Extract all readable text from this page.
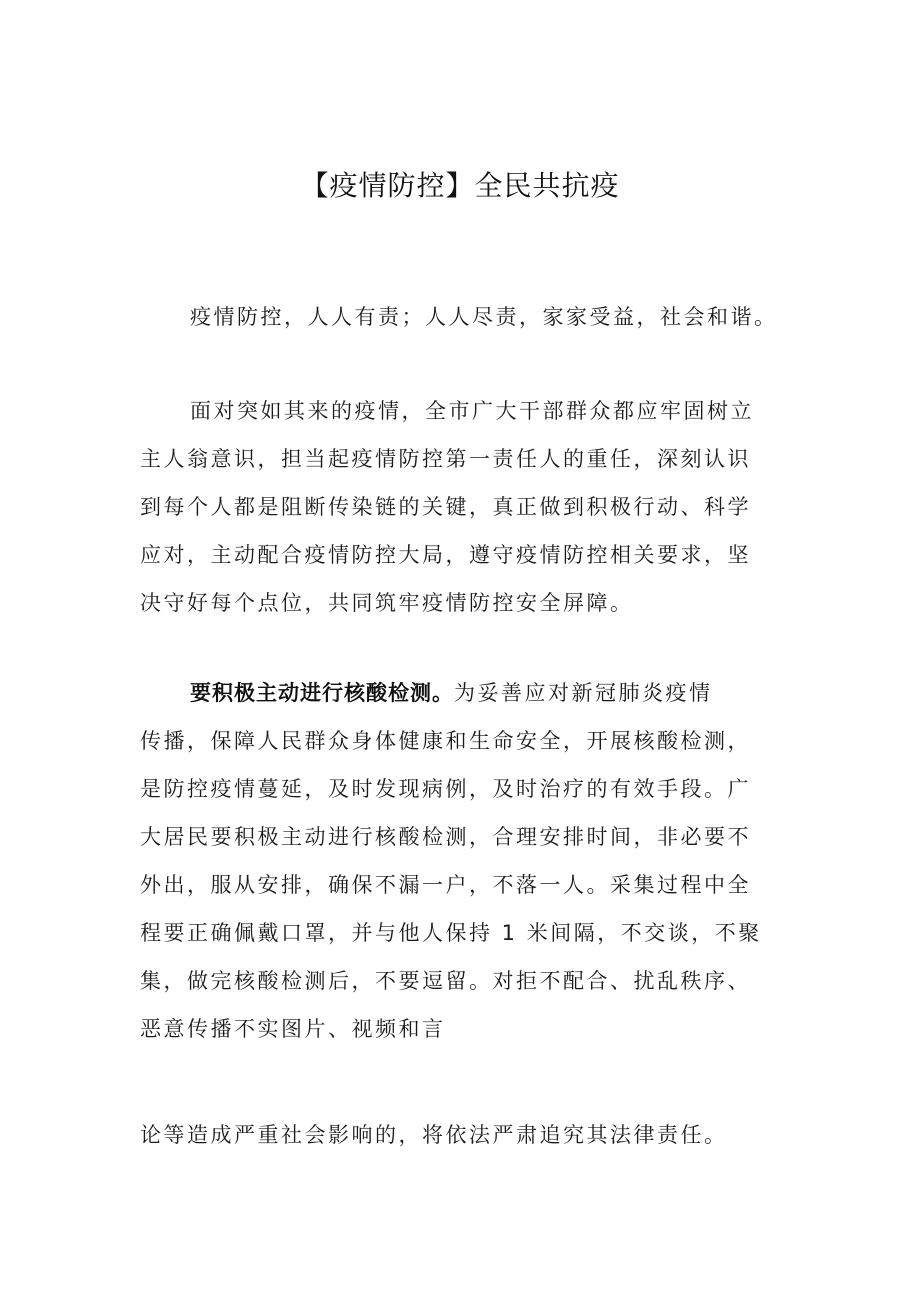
【疫情防控】全民共抗疫
疫情防控，人人有责；人人尽责，家家受益，社会和谐。
面对突如其来的疫情，全市广大干部群众都应牢固树立
主人翁意识，担当起疫情防控第一责任人的重任，深刻认识
到每个人都是阻断传染链的关键，真正做到积极行动、科学
应对，主动配合疫情防控大局，遵守疫情防控相关要求，坚
决守好每个点位，共同筑牢疫情防控安全屏障。
要积极主动进行核酸检测。为妥善应对新冠肺炎疫情
传播，保障人民群众身体健康和生命安全，开展核酸检测，
是防控疫情蔓延，及时发现病例，及时治疗的有效手段。广
大居民要积极主动进行核酸检测，合理安排时间，非必要不
外出，服从安排，确保不漏一户，不落一人。采集过程中全
程要正确佩戴口罩，并与他人保持 1 米间隔，不交谈，不聚
集，做完核酸检测后，不要逗留。对拒不配合、扰乱秩序、
恶意传播不实图片、视频和言
论等造成严重社会影响的，将依法严肃追究其法律责任。
